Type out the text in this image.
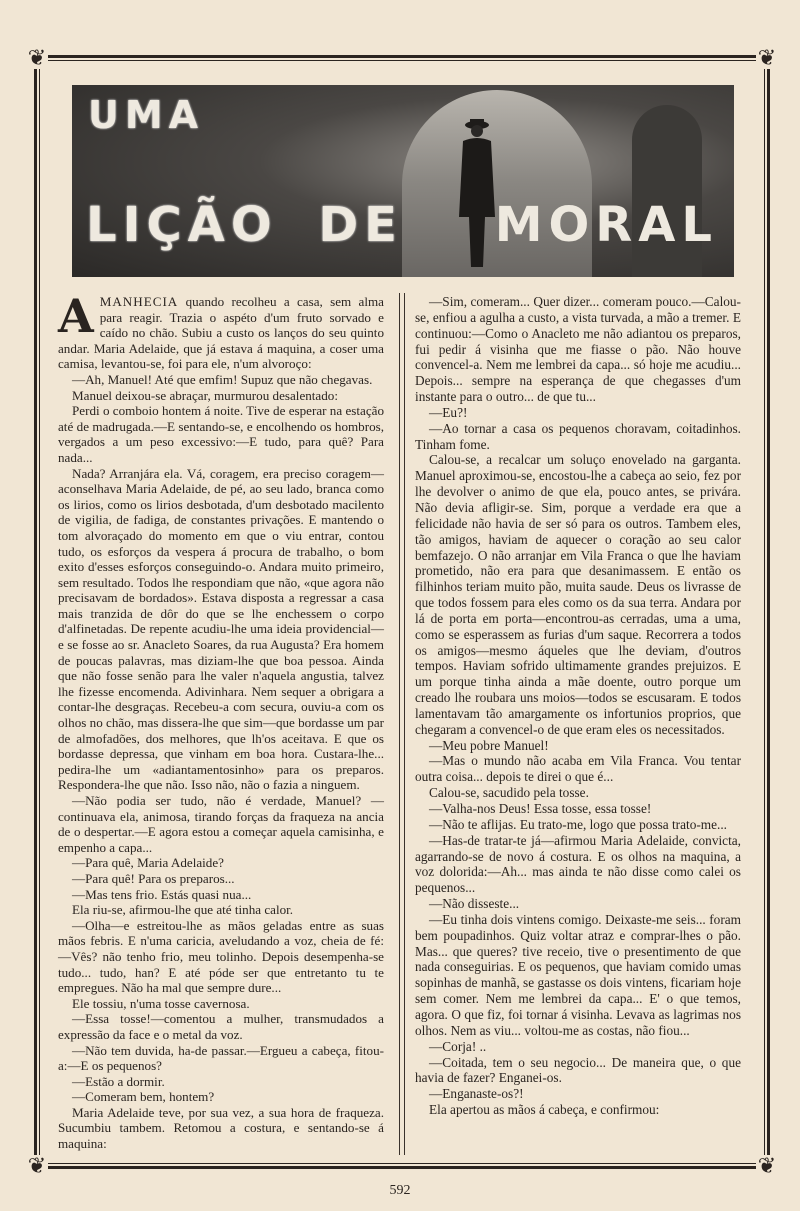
❦	❦
❦	❦
UMA
LIÇÃO DE MORAL

AMANHECIA quando recolheu a casa, sem alma para reagir. Trazia o aspéto d'um fruto sorvado e caído no chão. Subiu a custo os lanços do seu quinto andar. Maria Adelaide, que já estava á maquina, a coser uma camisa, levantou-se, foi para ele, n'um alvoroço:

—Ah, Manuel! Até que emfim! Supuz que não chegavas.

Manuel deixou-se abraçar, murmurou desalentado:

Perdi o comboio hontem á noite. Tive de esperar na estação até de madrugada.—E sentando-se, e encolhendo os hombros, vergados a um peso excessivo:—E tudo, para quê? Para nada...

Nada? Arranjára ela. Vá, coragem, era preciso coragem—aconselhava Maria Adelaide, de pé, ao seu lado, branca como os lirios, como os lirios desbotada, d'um desbotado macilento de vigilia, de fadiga, de constantes privações. E mantendo o tom alvoraçado do momento em que o viu entrar, contou tudo, os esforços da vespera á procura de trabalho, o bom exito d'esses esforços conseguindo-o. Andara muito primeiro, sem resultado. Todos lhe respondiam que não, «que agora não precisavam de bordados». Estava disposta a regressar a casa mais tranzida de dôr do que se lhe enchessem o corpo d'alfinetadas. De repente acudiu-lhe uma ideia providencial—e se fosse ao sr. Anacleto Soares, da rua Augusta? Era homem de poucas palavras, mas diziam-lhe que boa pessoa. Ainda que não fosse senão para lhe valer n'aquela angustia, talvez lhe fizesse encomenda. Adivinhara. Nem sequer a obrigara a contar-lhe desgraças. Recebeu-a com secura, ouviu-a com os olhos no chão, mas dissera-lhe que sim—que bordasse um par de almofadões, dos melhores, que lh'os aceitava. E que os bordasse depressa, que vinham em boa hora. Custara-lhe... pedira-lhe um «adiantamentosinho» para os preparos. Respondera-lhe que não. Isso não, não o fazia a ninguem.

—Não podia ser tudo, não é verdade, Manuel? —continuava ela, animosa, tirando forças da fraqueza na ancia de o despertar.—E agora estou a começar aquela camisinha, e empenho a capa...

—Para quê, Maria Adelaide?

—Para quê! Para os preparos...

—Mas tens frio. Estás quasi nua...

Ela riu-se, afirmou-lhe que até tinha calor.

—Olha—e estreitou-lhe as mãos geladas entre as suas mãos febris. E n'uma caricia, aveludando a voz, cheia de fé:—Vês? não tenho frio, meu tolinho. Depois desempenha-se tudo... tudo, han? E até póde ser que entretanto tu te empregues. Não ha mal que sempre dure...

Ele tossiu, n'uma tosse cavernosa.

—Essa tosse!—comentou a mulher, transmudados a expressão da face e o metal da voz.

—Não tem duvida, ha-de passar.—Ergueu a cabeça, fitou-a:—E os pequenos?

—Estão a dormir.

—Comeram bem, hontem?

Maria Adelaide teve, por sua vez, a sua hora de fraqueza. Sucumbiu tambem. Retomou a costura, e sentando-se á maquina:

—Sim, comeram... Quer dizer... comeram pouco.—Calou-se, enfiou a agulha a custo, a vista turvada, a mão a tremer. E continuou:—Como o Anacleto me não adiantou os preparos, fui pedir á visinha que me fiasse o pão. Não houve convencel-a. Nem me lembrei da capa... só hoje me acudiu... Depois... sempre na esperança de que chegasses d'um instante para o outro... de que tu...

—Eu?!

—Ao tornar a casa os pequenos choravam, coitadinhos. Tinham fome.

Calou-se, a recalcar um soluço enovelado na garganta. Manuel aproximou-se, encostou-lhe a cabeça ao seio, fez por lhe devolver o animo de que ela, pouco antes, se privára. Não devia afligir-se. Sim, porque a verdade era que a felicidade não havia de ser só para os outros. Tambem eles, tão amigos, haviam de aquecer o coração ao seu calor bemfazejo. O não arranjar em Vila Franca o que lhe haviam prometido, não era para que desanimassem. E então os filhinhos teriam muito pão, muita saude. Deus os livrasse de que todos fossem para eles como os da sua terra. Andara por lá de porta em porta—encontrou-as cerradas, uma a uma, como se esperassem as furias d'um saque. Recorrera a todos os amigos—mesmo áqueles que lhe deviam, d'outros tempos. Haviam sofrido ultimamente grandes prejuizos. E um porque tinha ainda a mãe doente, outro porque um creado lhe roubara uns moios—todos se escusaram. E todos lamentavam tão amargamente os infortunios proprios, que chegaram a convencel-o de que eram eles os necessitados.

—Meu pobre Manuel!

—Mas o mundo não acaba em Vila Franca. Vou tentar outra coisa... depois te direi o que é...

Calou-se, sacudido pela tosse.

—Valha-nos Deus! Essa tosse, essa tosse!

—Não te aflijas. Eu trato-me, logo que possa trato-me...

—Has-de tratar-te já—afirmou Maria Adelaide, convicta, agarrando-se de novo á costura. E os olhos na maquina, a voz dolorida:—Ah... mas ainda te não disse como calei os pequenos...

—Não disseste...

—Eu tinha dois vintens comigo. Deixaste-me seis... foram bem poupadinhos. Quiz voltar atraz e comprar-lhes o pão. Mas... que queres? tive receio, tive o presentimento de que nada conseguirias. E os pequenos, que haviam comido umas sopinhas de manhã, se gastasse os dois vintens, ficariam hoje sem comer. Nem me lembrei da capa... E' o que temos, agora. O que fiz, foi tornar á visinha. Levava as lagrimas nos olhos. Nem as viu... voltou-me as costas, não fiou...

—Corja! ..

—Coitada, tem o seu negocio... De maneira que, o que havia de fazer? Enganei-os.

—Enganaste-os?!

Ela apertou as mãos á cabeça, e confirmou:

592
